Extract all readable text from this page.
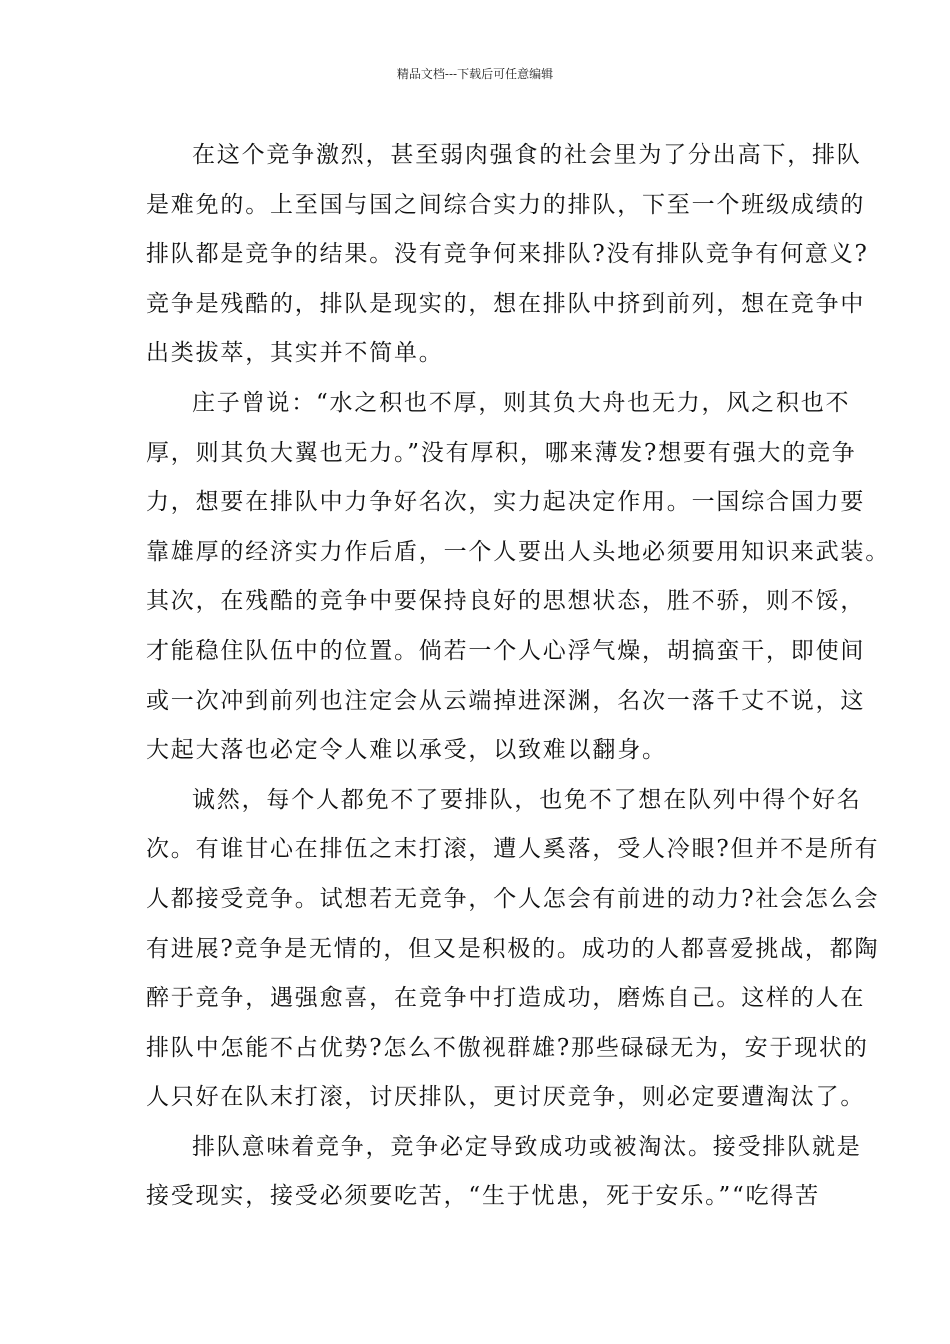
精品文档---下载后可任意编辑
在这个竞争激烈，甚至弱肉强食的社会里为了分出高下，排队
是难免的。上至国与国之间综合实力的排队，下至一个班级成绩的
排队都是竞争的结果。没有竞争何来排队?没有排队竞争有何意义?
竞争是残酷的，排队是现实的，想在排队中挤到前列，想在竞争中
出类拔萃，其实并不简单。
庄子曾说：“水之积也不厚，则其负大舟也无力，风之积也不
厚，则其负大翼也无力。”没有厚积，哪来薄发?想要有强大的竞争
力，想要在排队中力争好名次，实力起决定作用。一国综合国力要
靠雄厚的经济实力作后盾，一个人要出人头地必须要用知识来武装。
其次，在残酷的竞争中要保持良好的思想状态，胜不骄，则不馁，
才能稳住队伍中的位置。倘若一个人心浮气燥，胡搞蛮干，即使间
或一次冲到前列也注定会从云端掉进深渊，名次一落千丈不说，这
大起大落也必定令人难以承受，以致难以翻身。
诚然，每个人都免不了要排队，也免不了想在队列中得个好名
次。有谁甘心在排伍之末打滚，遭人奚落，受人冷眼?但并不是所有
人都接受竞争。试想若无竞争，个人怎会有前进的动力?社会怎么会
有进展?竞争是无情的，但又是积极的。成功的人都喜爱挑战，都陶
醉于竞争，遇强愈喜，在竞争中打造成功，磨炼自己。这样的人在
排队中怎能不占优势?怎么不傲视群雄?那些碌碌无为，安于现状的
人只好在队末打滚，讨厌排队，更讨厌竞争，则必定要遭淘汰了。
排队意味着竞争，竞争必定导致成功或被淘汰。接受排队就是
接受现实，接受必须要吃苦，“生于忧患，死于安乐。”“吃得苦
